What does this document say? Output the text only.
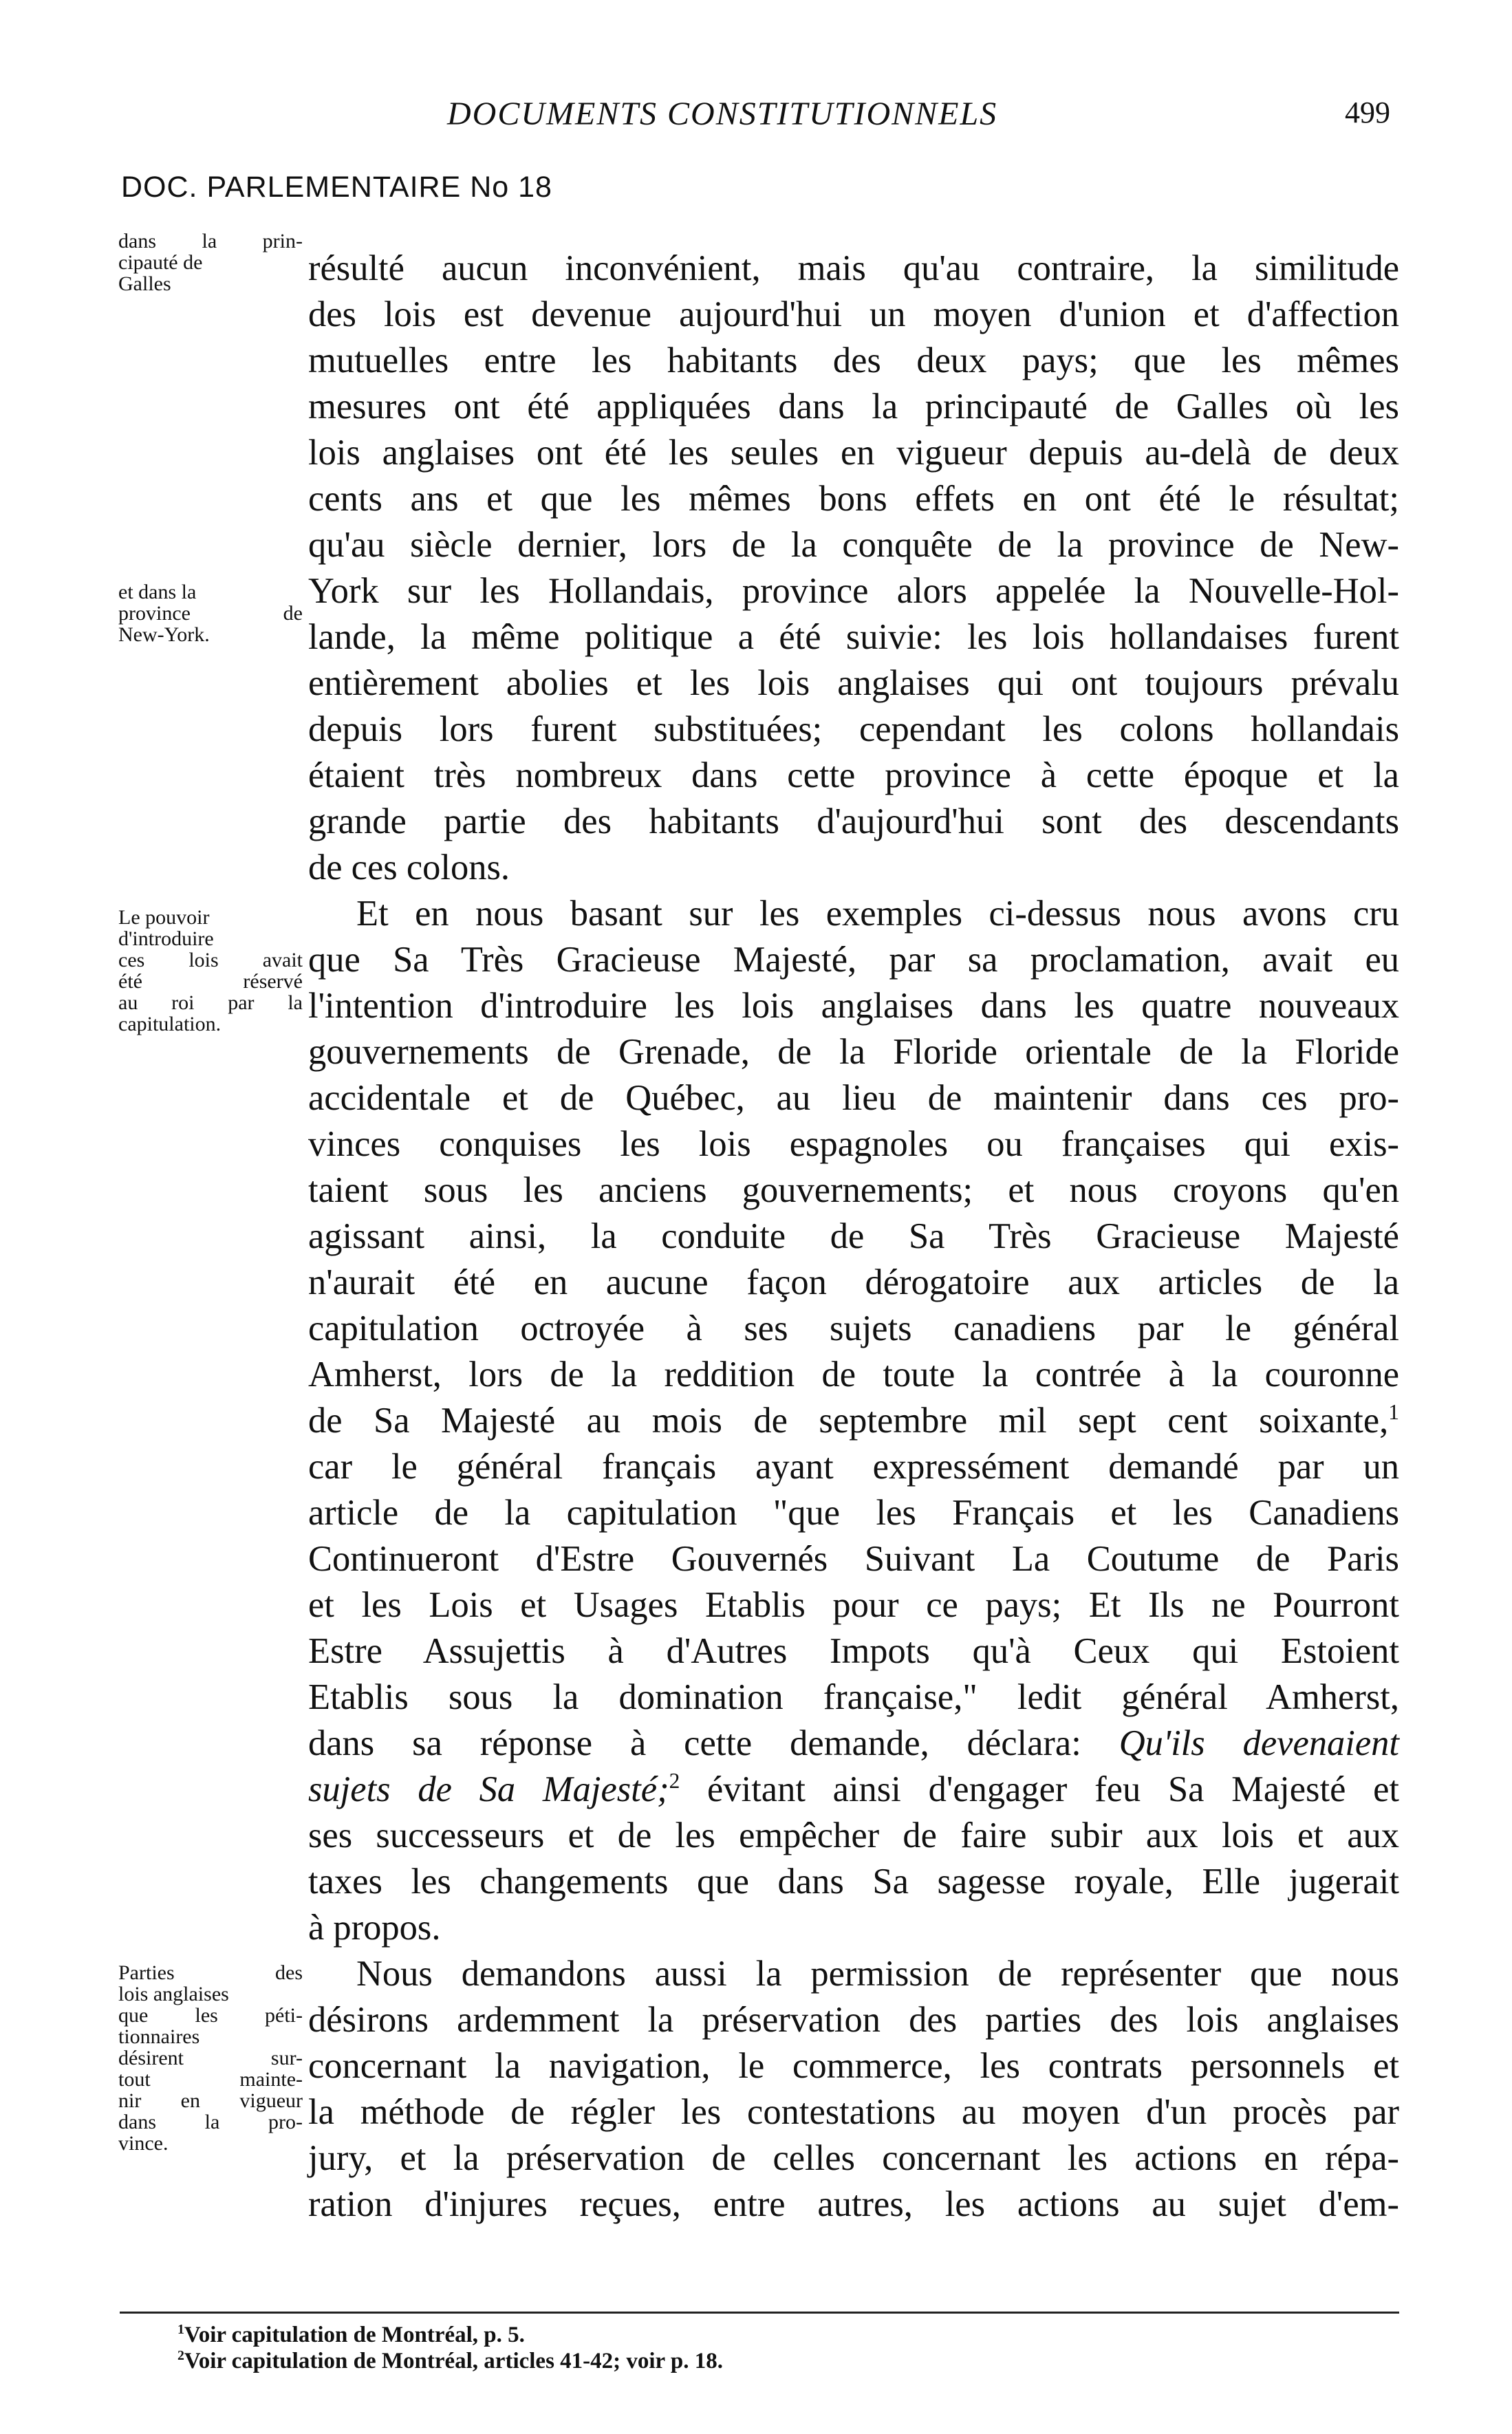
DOCUMENTS CONSTITUTIONNELS	499
DOC. PARLEMENTAIRE No 18
dans la prin-
cipauté de
Galles
et dans la
province de
New-York.
Le pouvoir
d'introduire
ces lois avait
été réservé
au roi par la
capitulation.
Parties des
lois anglaises
que les péti-
tionnaires
désirent sur-
tout mainte-
nir en vigueur
dans la pro-
vince.
résulté aucun inconvénient, mais qu'au contraire, la similitude
des lois est devenue aujourd'hui un moyen d'union et d'affection
mutuelles entre les habitants des deux pays; que les mêmes
mesures ont été appliquées dans la principauté de Galles où les
lois anglaises ont été les seules en vigueur depuis au-delà de deux
cents ans et que les mêmes bons effets en ont été le résultat;
qu'au siècle dernier, lors de la conquête de la province de New-
York sur les Hollandais, province alors appelée la Nouvelle-Hol-
lande, la même politique a été suivie: les lois hollandaises furent
entièrement abolies et les lois anglaises qui ont toujours prévalu
depuis lors furent substituées; cependant les colons hollandais
étaient très nombreux dans cette province à cette époque et la
grande partie des habitants d'aujourd'hui sont des descendants
de ces colons.
Et en nous basant sur les exemples ci-dessus nous avons cru
que Sa Très Gracieuse Majesté, par sa proclamation, avait eu
l'intention d'introduire les lois anglaises dans les quatre nouveaux
gouvernements de Grenade, de la Floride orientale de la Floride
accidentale et de Québec, au lieu de maintenir dans ces pro-
vinces conquises les lois espagnoles ou françaises qui exis-
taient sous les anciens gouvernements; et nous croyons qu'en
agissant ainsi, la conduite de Sa Très Gracieuse Majesté
n'aurait été en aucune façon dérogatoire aux articles de la
capitulation octroyée à ses sujets canadiens par le général
Amherst, lors de la reddition de toute la contrée à la couronne
de Sa Majesté au mois de septembre mil sept cent soixante,$^1$
car le général français ayant expressément demandé par un
article de la capitulation "que les Français et les Canadiens
Continueront d'Estre Gouvernés Suivant La Coutume de Paris
et les Lois et Usages Etablis pour ce pays; Et Ils ne Pourront
Estre Assujettis à d'Autres Impots qu'à Ceux qui Estoient
Etablis sous la domination française," ledit général Amherst,
dans sa réponse à cette demande, déclara: Qu'ils devenaient
sujets de Sa Majesté;$^2$ évitant ainsi d'engager feu Sa Majesté et
ses successeurs et de les empêcher de faire subir aux lois et aux
taxes les changements que dans Sa sagesse royale, Elle jugerait
à propos.
Nous demandons aussi la permission de représenter que nous
désirons ardemment la préservation des parties des lois anglaises
concernant la navigation, le commerce, les contrats personnels et
la méthode de régler les contestations au moyen d'un procès par
jury, et la préservation de celles concernant les actions en répa-
ration d'injures reçues, entre autres, les actions au sujet d'em-
$^1$Voir capitulation de Montréal, p. 5.
$^2$Voir capitulation de Montréal, articles 41-42; voir p. 18.
